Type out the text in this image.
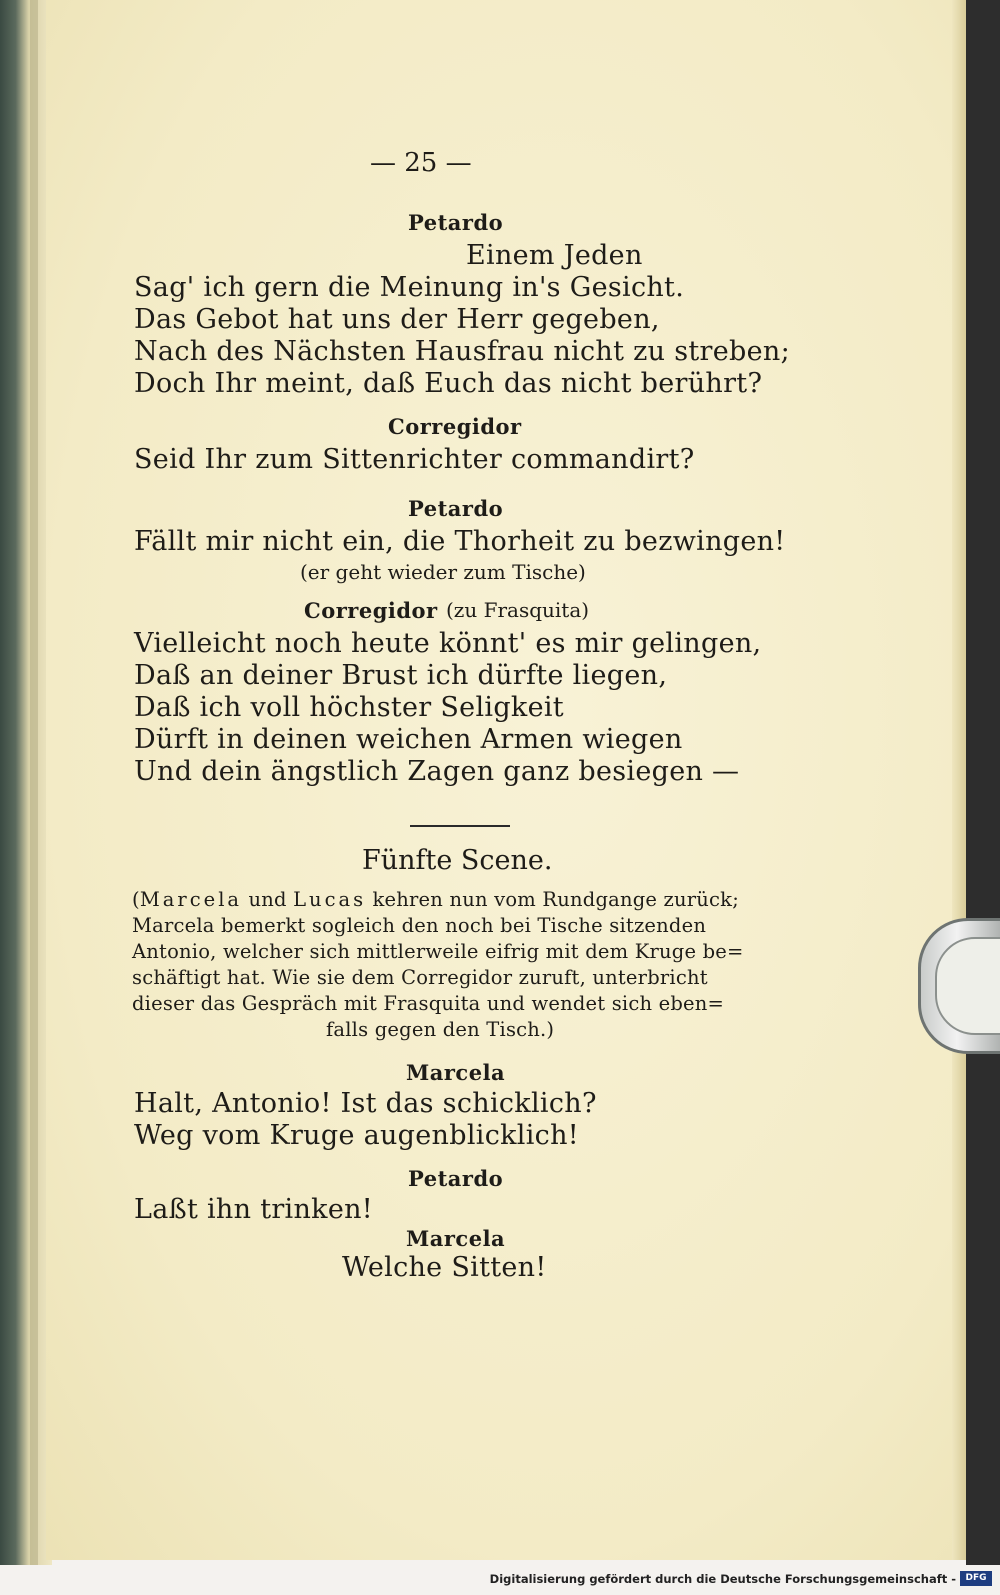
— 25 —
Petardo
Einem Jeden
Sag' ich gern die Meinung in's Gesicht.
Das Gebot hat uns der Herr gegeben,
Nach des Nächsten Hausfrau nicht zu streben;
Doch Ihr meint, daß Euch das nicht berührt?
Corregidor
Seid Ihr zum Sittenrichter commandirt?
Petardo
Fällt mir nicht ein, die Thorheit zu bezwingen!
(er geht wieder zum Tische)
Corregidor (zu Frasquita)
Vielleicht noch heute könnt' es mir gelingen,
Daß an deiner Brust ich dürfte liegen,
Daß ich voll höchster Seligkeit
Dürft in deinen weichen Armen wiegen
Und dein ängstlich Zagen ganz besiegen —
Fünfte Scene.
(Marcela und Lucas kehren nun vom Rundgange zurück;
Marcela bemerkt sogleich den noch bei Tische sitzenden
Antonio, welcher sich mittlerweile eifrig mit dem Kruge be=
schäftigt hat. Wie sie dem Corregidor zuruft, unterbricht
dieser das Gespräch mit Frasquita und wendet sich eben=
falls gegen den Tisch.)
Marcela
Halt, Antonio! Ist das schicklich?
Weg vom Kruge augenblicklich!
Petardo
Laßt ihn trinken!
Marcela
Welche Sitten!
Digitalisierung gefördert durch die Deutsche Forschungsgemeinschaft -	DFG
